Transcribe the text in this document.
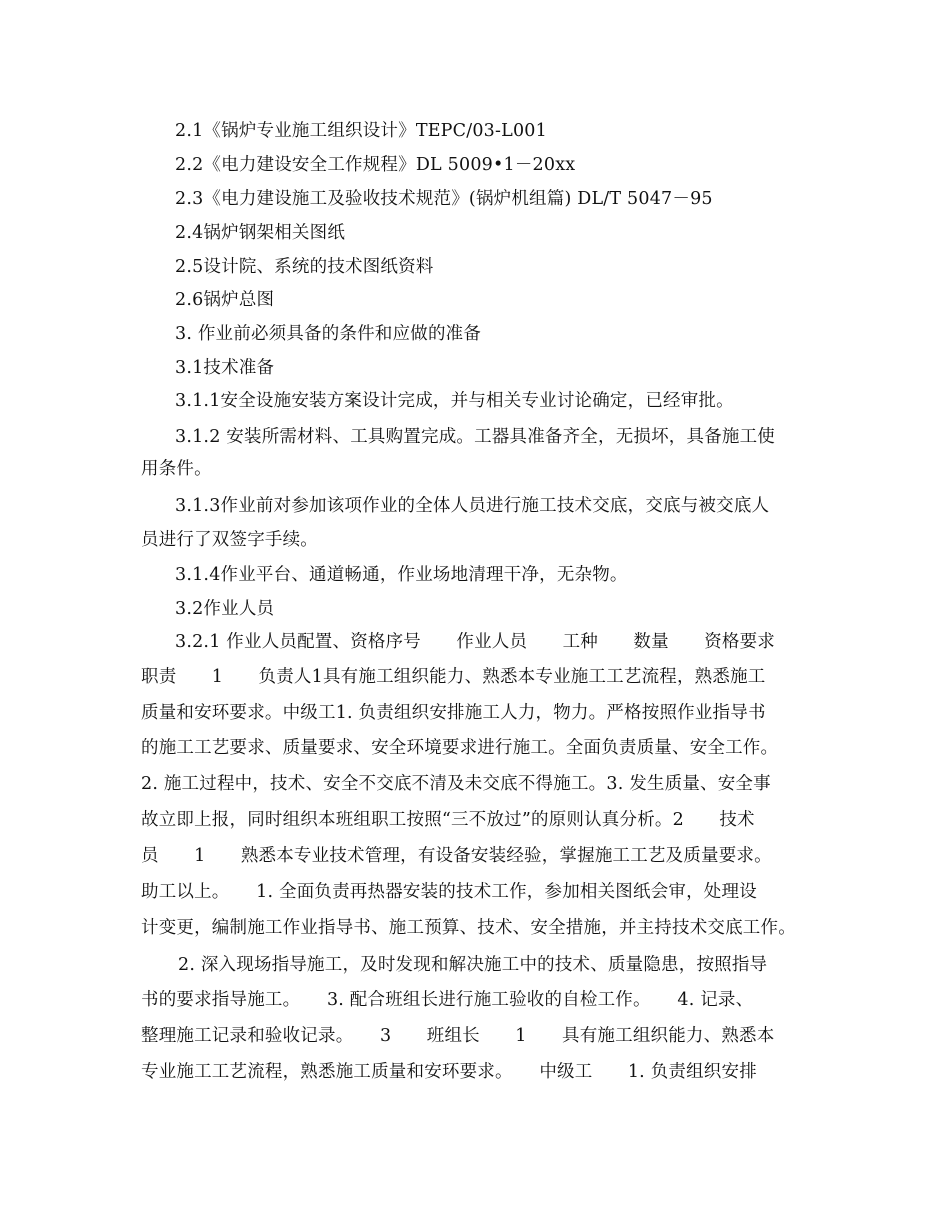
2.1《锅炉专业施工组织设计》TEPC/03-L001
2.2《电力建设安全工作规程》DL 5009•1－20xx
2.3《电力建设施工及验收技术规范》(锅炉机组篇) DL/T 5047－95
2.4锅炉钢架相关图纸
2.5设计院、系统的技术图纸资料
2.6锅炉总图
3. 作业前必须具备的条件和应做的准备
3.1技术准备
3.1.1安全设施安装方案设计完成，并与相关专业讨论确定，已经审批。
3.1.2 安装所需材料、工具购置完成。工器具准备齐全，无损坏，具备施工使
用条件。
3.1.3作业前对参加该项作业的全体人员进行施工技术交底，交底与被交底人
员进行了双签字手续。
3.1.4作业平台、通道畅通，作业场地清理干净，无杂物。
3.2作业人员
3.2.1 作业人员配置、资格序号　　作业人员　　工种　　数量　　资格要求
职责　　1　　负责人1具有施工组织能力、熟悉本专业施工工艺流程，熟悉施工
质量和安环要求。中级工1. 负责组织安排施工人力，物力。严格按照作业指导书
的施工工艺要求、质量要求、安全环境要求进行施工。全面负责质量、安全工作。
2. 施工过程中，技术、安全不交底不清及未交底不得施工。3. 发生质量、安全事
故立即上报，同时组织本班组职工按照“三不放过”的原则认真分析。2　　技术
员　　1　　熟悉本专业技术管理，有设备安装经验，掌握施工工艺及质量要求。
助工以上。　　1. 全面负责再热器安装的技术工作，参加相关图纸会审，处理设
计变更，编制施工作业指导书、施工预算、技术、安全措施，并主持技术交底工作。
2. 深入现场指导施工，及时发现和解决施工中的技术、质量隐患，按照指导
书的要求指导施工。　　3. 配合班组长进行施工验收的自检工作。　　4. 记录、
整理施工记录和验收记录。　　3　　班组长　　1　　具有施工组织能力、熟悉本
专业施工工艺流程，熟悉施工质量和安环要求。　　中级工　　1. 负责组织安排
